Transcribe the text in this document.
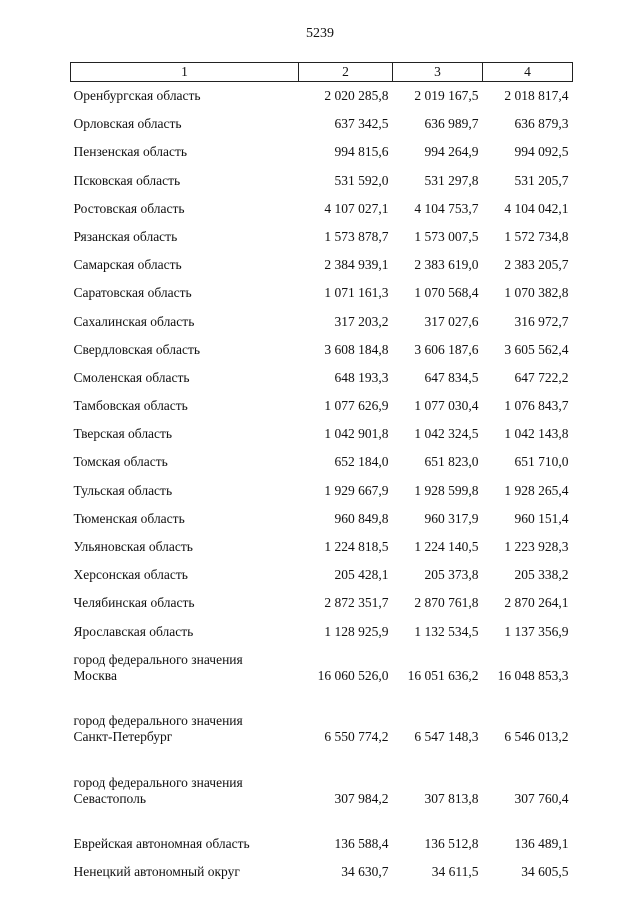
5239
1	2	3	4

Оренбургская область	2 020 285,8	2 019 167,5	2 018 817,4

Орловская область	637 342,5	636 989,7	636 879,3

Пензенская область	994 815,6	994 264,9	994 092,5

Псковская область	531 592,0	531 297,8	531 205,7

Ростовская область	4 107 027,1	4 104 753,7	4 104 042,1

Рязанская область	1 573 878,7	1 573 007,5	1 572 734,8

Самарская область	2 384 939,1	2 383 619,0	2 383 205,7

Саратовская область	1 071 161,3	1 070 568,4	1 070 382,8

Сахалинская область	317 203,2	317 027,6	316 972,7

Свердловская область	3 608 184,8	3 606 187,6	3 605 562,4

Смоленская область	648 193,3	647 834,5	647 722,2

Тамбовская область	1 077 626,9	1 077 030,4	1 076 843,7

Тверская область	1 042 901,8	1 042 324,5	1 042 143,8

Томская область	652 184,0	651 823,0	651 710,0

Тульская область	1 929 667,9	1 928 599,8	1 928 265,4

Тюменская область	960 849,8	960 317,9	960 151,4

Ульяновская область	1 224 818,5	1 224 140,5	1 223 928,3

Херсонская область	205 428,1	205 373,8	205 338,2

Челябинская область	2 872 351,7	2 870 761,8	2 870 264,1

Ярославская область	1 128 925,9	1 132 534,5	1 137 356,9

город федерального значения
Москва	16 060 526,0	16 051 636,2	16 048 853,3

город федерального значения
Санкт-Петербург	6 550 774,2	6 547 148,3	6 546 013,2

город федерального значения
Севастополь	307 984,2	307 813,8	307 760,4

Еврейская автономная область	136 588,4	136 512,8	136 489,1

Ненецкий автономный округ	34 630,7	34 611,5	34 605,5
